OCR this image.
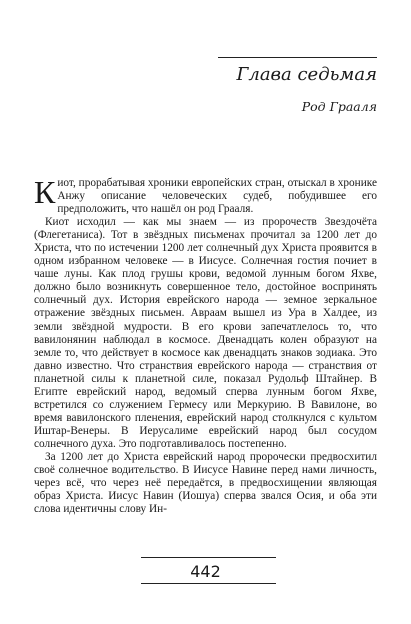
Глава седьмая
Род Грааля

Киот, прорабатывая хроники европейских стран, отыскал в хронике Анжу описание человеческих судеб, побудившее его предположить, что нашёл он род Грааля.

Киот исходил — как мы знаем — из пророчеств Звездочёта (Флегетаниса). Тот в звёздных письменах прочитал за 1200 лет до Христа, что по истечении 1200 лет солнечный дух Христа проявится в одном избранном человеке — в Иисусе. Солнечная гостия почиет в чаше луны. Как плод грушы крови, ведомой лунным богом Яхве, должно было возникнуть совершенное тело, достойное воспринять солнечный дух. История еврейского народа — земное зеркальное отражение звёздных письмен. Авраам вышел из Ура в Халдее, из земли звёздной мудрости. В его крови запечатлелось то, что вавилонянин наблюдал в космосе. Двенадцать колен образуют на земле то, что действует в космосе как двенадцать знаков зодиака. Это давно известно. Что странствия еврейского народа — странствия от планетной силы к планетной силе, показал Рудольф Штайнер. В Египте еврейский народ, ведомый сперва лунным богом Яхве, встретился со служением Гермесу или Меркурию. В Вавилоне, во время вавилонского пленения, еврейский народ столкнулся с культом Иштар-Венеры. В Иерусалиме еврейский народ был сосудом солнечного духа. Это подготавливалось постепенно.

За 1200 лет до Христа еврейский народ пророчески предвосхитил своё солнечное водительство. В Иисусе Навине перед нами личность, через всё, что через неё передаётся, в предвосхищении являющая образ Христа. Иисус Навин (Иошуа) сперва звался Осия, и оба эти слова идентичны слову Ин-

442
